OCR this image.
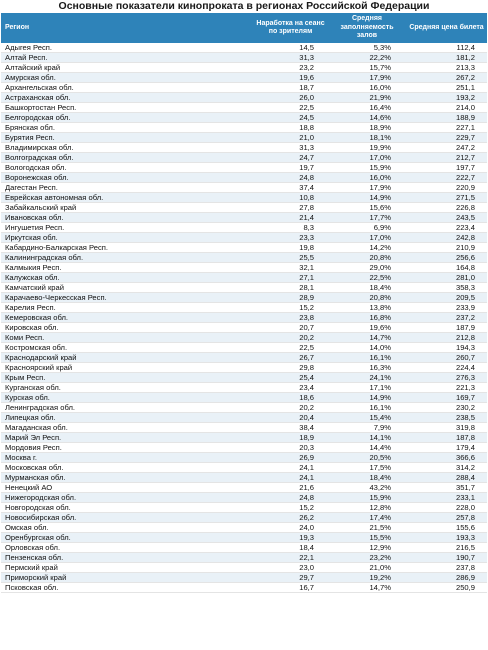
Основные показатели кинопроката в регионах Российской Федерации
Регион	Наработка на сеанс по зрителям	Средняя заполняемость залов	Средняя цена билета
Адыгея Респ.	14,5	5,3%	112,4
Алтай Респ.	31,3	22,2%	181,2
Алтайский край	23,2	15,7%	213,3
Амурская обл.	19,6	17,9%	267,2
Архангельская обл.	18,7	16,0%	251,1
Астраханская обл.	26,0	21,9%	193,2
Башкортостан Респ.	22,5	16,4%	214,0
Белгородская обл.	24,5	14,6%	188,9
Брянская обл.	18,8	18,9%	227,1
Бурятия Респ.	21,0	18,1%	229,7
Владимирская обл.	31,3	19,9%	247,2
Волгоградская обл.	24,7	17,0%	212,7
Вологодская обл.	19,7	15,9%	197,7
Воронежская обл.	24,8	16,0%	222,7
Дагестан Респ.	37,4	17,9%	220,9
Еврейская автономная обл.	10,8	14,9%	271,5
Забайкальский край	27,8	15,6%	226,8
Ивановская обл.	21,4	17,7%	243,5
Ингушетия Респ.	8,3	6,9%	223,4
Иркутская обл.	23,3	17,0%	242,8
Кабардино-Балкарская Респ.	19,8	14,2%	210,9
Калининградская обл.	25,5	20,8%	256,6
Калмыкия Респ.	32,1	29,0%	164,8
Калужская обл.	27,1	22,5%	281,0
Камчатский край	28,1	18,4%	358,3
Карачаево-Черкесская Респ.	28,9	20,8%	209,5
Карелия Респ.	15,2	13,8%	233,9
Кемеровская обл.	23,8	16,8%	237,2
Кировская обл.	20,7	19,6%	187,9
Коми Респ.	20,2	14,7%	212,8
Костромская обл.	22,5	14,0%	194,3
Краснодарский край	26,7	16,1%	260,7
Красноярский край	29,8	16,3%	224,4
Крым Респ.	25,4	24,1%	276,3
Курганская обл.	23,4	17,1%	221,3
Курская обл.	18,6	14,9%	169,7
Ленинградская обл.	20,2	16,1%	230,2
Липецкая обл.	20,4	15,4%	238,5
Магаданская обл.	38,4	7,9%	319,8
Марий Эл Респ.	18,9	14,1%	187,8
Мордовия Респ.	20,3	14,4%	179,4
Москва г.	26,9	20,5%	366,6
Московская обл.	24,1	17,5%	314,2
Мурманская обл.	24,1	18,4%	288,4
Ненецкий АО	21,6	43,2%	351,7
Нижегородская обл.	24,8	15,9%	233,1
Новгородская обл.	15,2	12,8%	228,0
Новосибирская обл.	26,2	17,4%	257,8
Омская обл.	24,0	21,5%	155,6
Оренбургская обл.	19,3	15,5%	193,3
Орловская обл.	18,4	12,9%	216,5
Пензенская обл.	22,1	23,2%	190,7
Пермский край	23,0	21,0%	237,8
Приморский край	29,7	19,2%	286,9
Псковская обл.	16,7	14,7%	250,9
